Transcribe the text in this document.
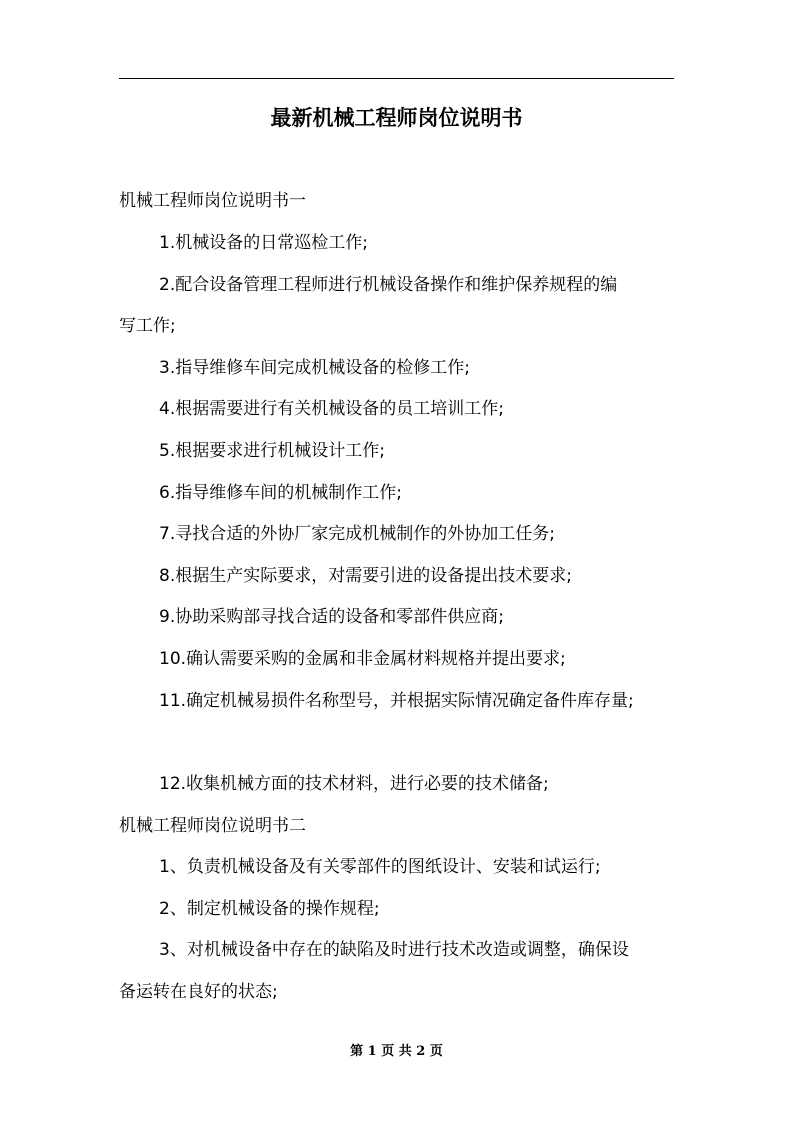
最新机械工程师岗位说明书
机械工程师岗位说明书一
1.机械设备的日常巡检工作;
2.配合设备管理工程师进行机械设备操作和维护保养规程的编
写工作;
3.指导维修车间完成机械设备的检修工作;
4.根据需要进行有关机械设备的员工培训工作;
5.根据要求进行机械设计工作;
6.指导维修车间的机械制作工作;
7.寻找合适的外协厂家完成机械制作的外协加工任务;
8.根据生产实际要求，对需要引进的设备提出技术要求;
9.协助采购部寻找合适的设备和零部件供应商;
10.确认需要采购的金属和非金属材料规格并提出要求;
11.确定机械易损件名称型号，并根据实际情况确定备件库存量;
12.收集机械方面的技术材料，进行必要的技术储备;
机械工程师岗位说明书二
1、负责机械设备及有关零部件的图纸设计、安装和试运行;
2、制定机械设备的操作规程;
3、对机械设备中存在的缺陷及时进行技术改造或调整，确保设
备运转在良好的状态;
第 1 页 共 2 页
